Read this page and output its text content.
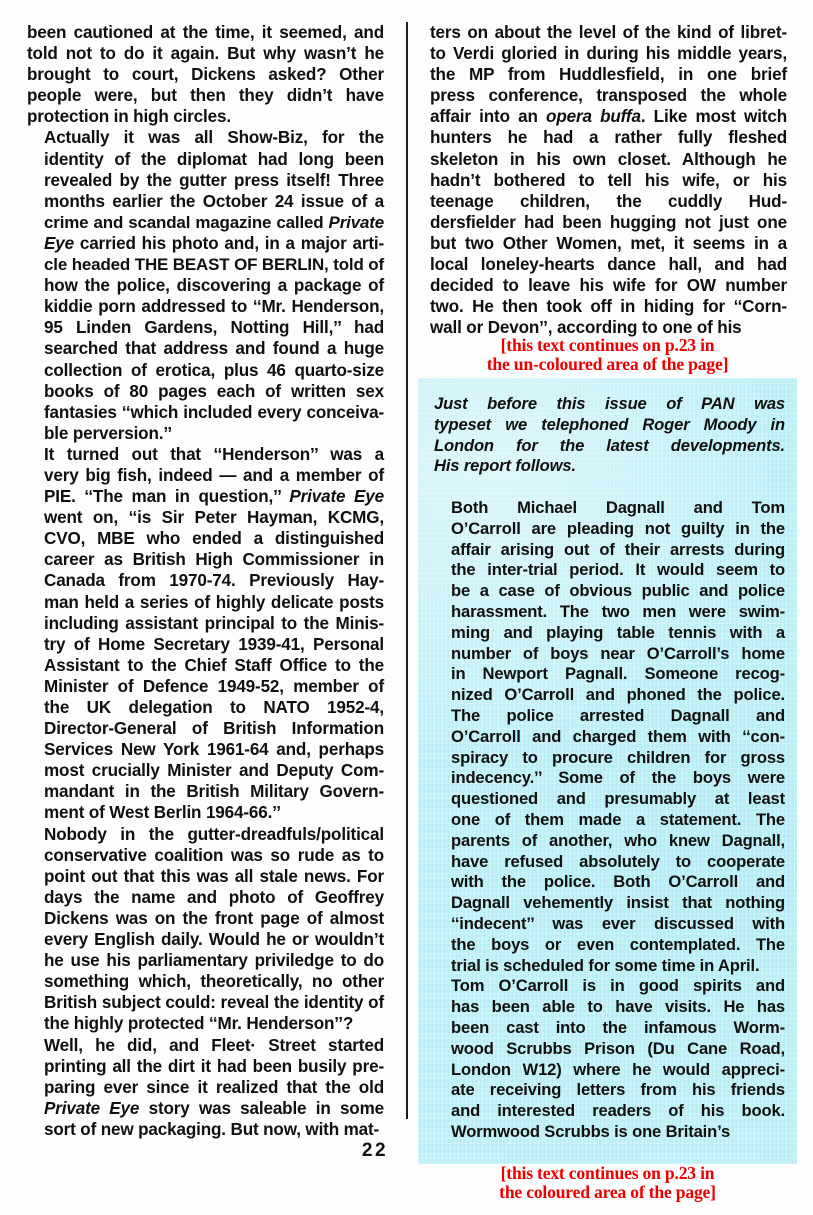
been cautioned at the time, it seemed, and
told not to do it again. But why wasn’t he
brought to court, Dickens asked? Other
people were, but then they didn’t have
protection in high circles.

Actually it was all Show-Biz, for the
identity of the diplomat had long been
revealed by the gutter press itself! Three
months earlier the October 24 issue of a
crime and scandal magazine called Private
Eye carried his photo and, in a major arti-
cle headed THE BEAST OF BERLIN, told of
how the police, discovering a package of
kiddie porn addressed to ‘‘Mr. Henderson,
95 Linden Gardens, Notting Hill,’’ had
searched that address and found a huge
collection of erotica, plus 46 quarto-size
books of 80 pages each of written sex
fantasies ‘‘which included every conceiva-
ble perversion.’’

It turned out that ‘‘Henderson’’ was a
very big fish, indeed — and a member of
PIE. ‘‘The man in question,’’ Private Eye
went on, ‘‘is Sir Peter Hayman, KCMG,
CVO, MBE who ended a distinguished
career as British High Commissioner in
Canada from 1970-74. Previously Hay-
man held a series of highly delicate posts
including assistant principal to the Minis-
try of Home Secretary 1939-41, Personal
Assistant to the Chief Staff Office to the
Minister of Defence 1949-52, member of
the UK delegation to NATO 1952-4,
Director-General of British Information
Services New York 1961-64 and, perhaps
most crucially Minister and Deputy Com-
mandant in the British Military Govern-
ment of West Berlin 1964-66.’’

Nobody in the gutter-dreadfuls/political
conservative coalition was so rude as to
point out that this was all stale news. For
days the name and photo of Geoffrey
Dickens was on the front page of almost
every English daily. Would he or wouldn’t
he use his parliamentary priviledge to do
something which, theoretically, no other
British subject could: reveal the identity of
the highly protected ‘‘Mr. Henderson’’?

Well, he did, and Fleet· Street started
printing all the dirt it had been busily pre-
paring ever since it realized that the old
Private Eye story was saleable in some
sort of new packaging. But now, with mat-

ters on about the level of the kind of libret-
to Verdi gloried in during his middle years,
the MP from Huddlesfield, in one brief
press conference, transposed the whole
affair into an opera buffa. Like most witch
hunters he had a rather fully fleshed
skeleton in his own closet. Although he
hadn’t bothered to tell his wife, or his
teenage children, the cuddly Hud-
dersfielder had been hugging not just one
but two Other Women, met, it seems in a
local loneley-hearts dance hall, and had
decided to leave his wife for OW number
two. He then took off in hiding for ‘‘Corn-
wall or Devon’’, according to one of his

[this text continues on p.23 in
the un-coloured area of the page]

Just before this issue of PAN was
typeset we telephoned Roger Moody in
London for the latest developments.
His report follows.

Both Michael Dagnall and Tom
O’Carroll are pleading not guilty in the
affair arising out of their arrests during
the inter-trial period. It would seem to
be a case of obvious public and police
harassment. The two men were swim-
ming and playing table tennis with a
number of boys near O’Carroll’s home
in Newport Pagnall. Someone recog-
nized O’Carroll and phoned the police.
The police arrested Dagnall and
O’Carroll and charged them with ‘‘con-
spiracy to procure children for gross
indecency.’’ Some of the boys were
questioned and presumably at least
one of them made a statement. The
parents of another, who knew Dagnall,
have refused absolutely to cooperate
with the police. Both O’Carroll and
Dagnall vehemently insist that nothing
‘‘indecent’’ was ever discussed with
the boys or even contemplated. The
trial is scheduled for some time in April.

Tom O’Carroll is in good spirits and
has been able to have visits. He has
been cast into the infamous Worm-
wood Scrubbs Prison (Du Cane Road,
London W12) where he would appreci-
ate receiving letters from his friends
and interested readers of his book.
Wormwood Scrubbs is one Britain’s

22
[this text continues on p.23 in
the coloured area of the page]
